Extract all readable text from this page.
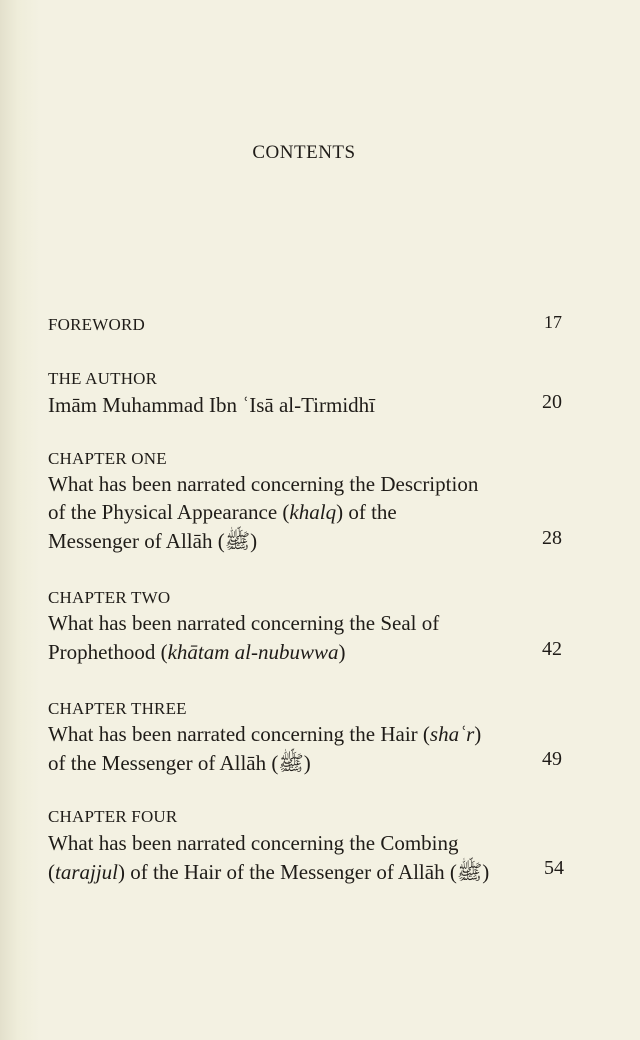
CONTENTS
FOREWORD	17
THE AUTHOR
Imām Muhammad Ibn ʿIsā al-Tirmidhī	20
CHAPTER ONE
What has been narrated concerning the Description
of the Physical Appearance (khalq) of the
Messenger of Allāh (ﷺ)	28
CHAPTER TWO
What has been narrated concerning the Seal of
Prophethood (khātam al-nubuwwa)	42
CHAPTER THREE
What has been narrated concerning the Hair (shaʿr)
of the Messenger of Allāh (ﷺ)	49
CHAPTER FOUR
What has been narrated concerning the Combing
(tarajjul) of the Hair of the Messenger of Allāh (ﷺ)	54
